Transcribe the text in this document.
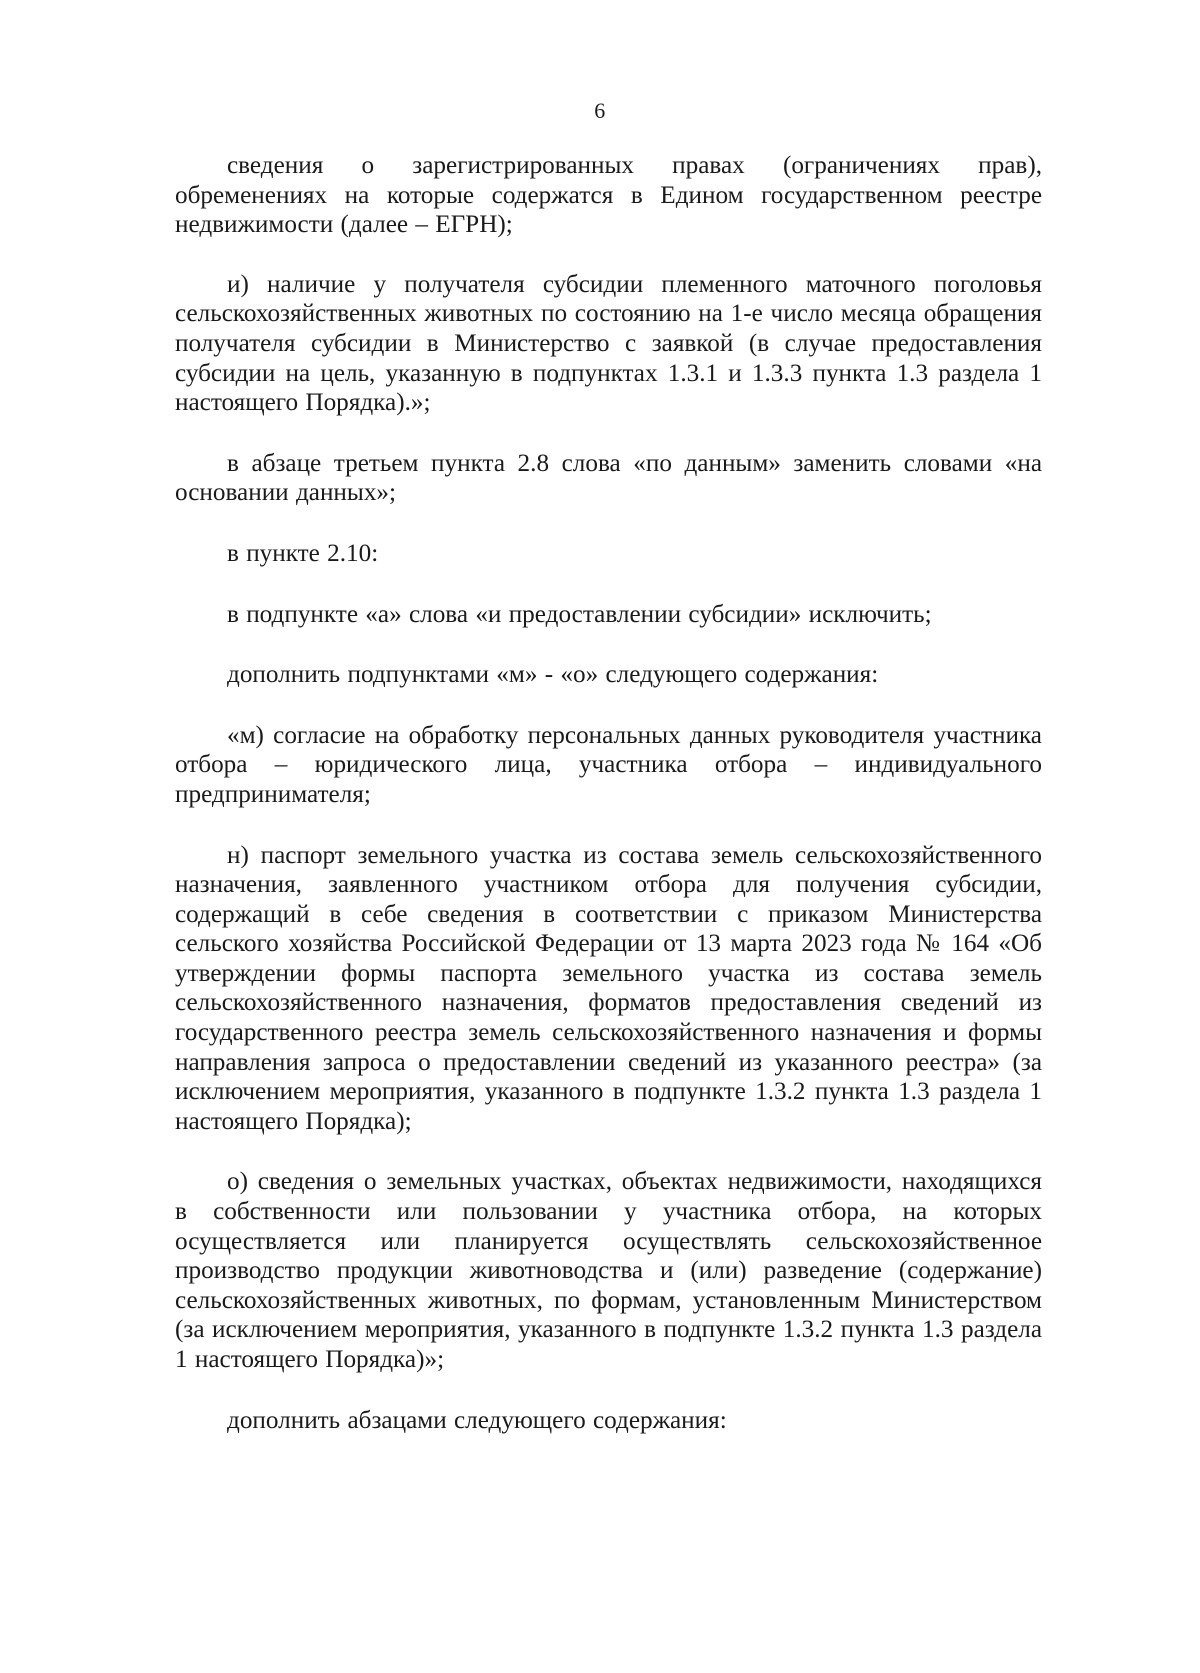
6

сведения о зарегистрированных правах (ограничениях прав), обременениях на которые содержатся в Едином государственном реестре недвижимости (далее – ЕГРН);

и) наличие у получателя субсидии племенного маточного поголовья сельскохозяйственных животных по состоянию на 1-е число месяца обращения получателя субсидии в Министерство с заявкой (в случае предоставления субсидии на цель, указанную в подпунктах 1.3.1 и 1.3.3 пункта 1.3 раздела 1 настоящего Порядка).»;

в абзаце третьем пункта 2.8 слова «по данным» заменить словами «на основании данных»;

в пункте 2.10:

в подпункте «а» слова «и предоставлении субсидии» исключить;

дополнить подпунктами «м» - «о» следующего содержания:

«м) согласие на обработку персональных данных руководителя участника отбора – юридического лица, участника отбора – индивидуального предпринимателя;

н) паспорт земельного участка из состава земель сельскохозяйственного назначения, заявленного участником отбора для получения субсидии, содержащий в себе сведения в соответствии с приказом Министерства сельского хозяйства Российской Федерации от 13 марта 2023 года № 164 «Об утверждении формы паспорта земельного участка из состава земель сельскохозяйственного назначения, форматов предоставления сведений из государственного реестра земель сельскохозяйственного назначения и формы направления запроса о предоставлении сведений из указанного реестра» (за исключением мероприятия, указанного в подпункте 1.3.2 пункта 1.3 раздела 1 настоящего Порядка);

о) сведения о земельных участках, объектах недвижимости, находящихся в собственности или пользовании у участника отбора, на которых осуществляется или планируется осуществлять сельскохозяйственное производство продукции животноводства и (или) разведение (содержание) сельскохозяйственных животных, по формам, установленным Министерством (за исключением мероприятия, указанного в подпункте 1.3.2 пункта 1.3 раздела 1 настоящего Порядка)»;

дополнить абзацами следующего содержания:
